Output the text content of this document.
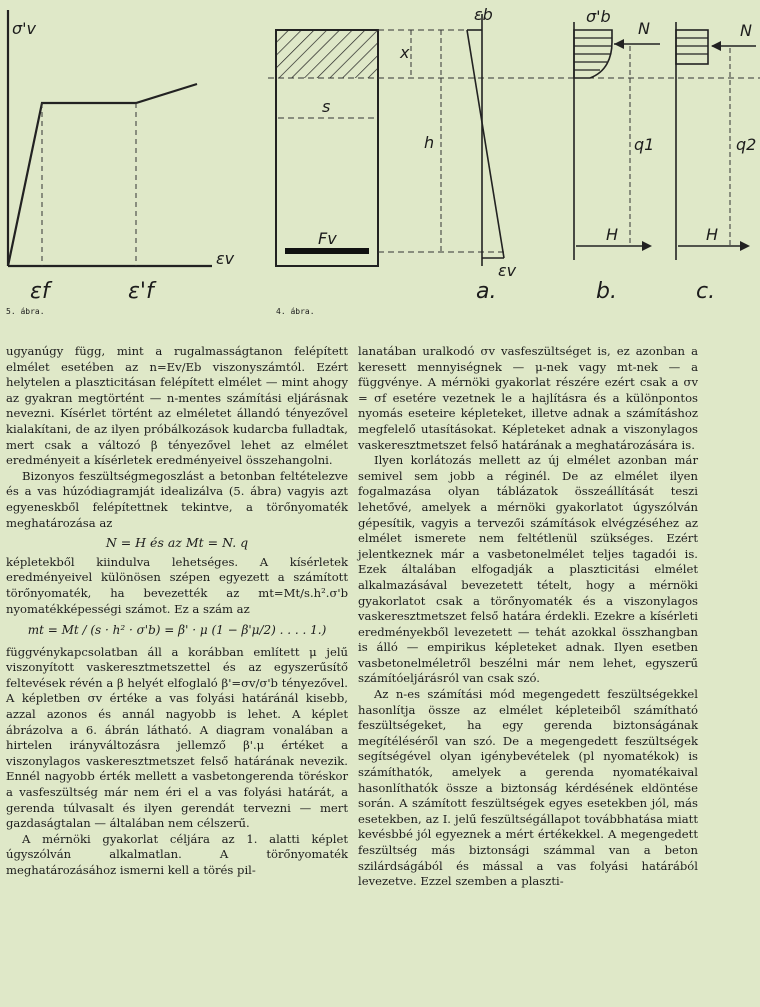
σ'v
εv
εf	ε'f
x
s
h
Fv
εb
εv
a.
σ'b
N
q1
H
b.
N
q2
H
c.
5. ábra.	4. ábra.

ugyanúgy függ, mint a rugalmasságtanon felépített elmélet esetében az n=Ev/Eb viszonyszámtól. Ezért helytelen a plaszticitásan felépített elmélet — mint ahogy az gyakran megtörtént — n-mentes számítási eljárásnak nevezni. Kísérlet történt az elméletet állandó tényezővel kialakítani, de az ilyen próbálkozások kudarcba fulladtak, mert csak a változó β tényezővel lehet az elmélet eredményeit a kísérletek eredményeivel összehangolni.

Bizonyos feszültségmegoszlást a betonban feltételezve és a vas húzódiagramját idealizálva (5. ábra) vagyis azt egyeneskből felépítettnek tekintve, a törőnyomaték meghatározása az

N = H és az Mt = N. q

képletekből kiindulva lehetséges. A kísérletek eredményeivel különösen szépen egyezett a számított törőnyomaték, ha bevezették az mt=Mt/s.h².σ'b nyomatékképességi számot. Ez a szám az

mt = Mt / (s · h² · σ'b) = β' · μ (1 − β'μ/2) . . . . 1.)

függvénykapcsolatban áll a korábban említett μ jelű viszonyított vaskeresztmetszettel és az egyszerűsítő feltevések révén a β helyét elfoglaló β'=σv/σ'b tényezővel. A képletben σv értéke a vas folyási határánál kisebb, azzal azonos és annál nagyobb is lehet. A képlet ábrázolva a 6. ábrán látható. A diagram vonalában a hirtelen irányváltozásra jellemző β'.μ értéket a viszonylagos vaskeresztmetszet felső határának nevezik. Ennél nagyobb érték mellett a vasbetongerenda töréskor a vasfeszültség már nem éri el a vas folyási határát, a gerenda túlvasalt és ilyen gerendát tervezni — mert gazdaságtalan — általában nem célszerű.

A mérnöki gyakorlat céljára az 1. alatti képlet úgyszólván alkalmatlan. A törőnyomaték meghatározásához ismerni kell a törés pil-

lanatában uralkodó σv vasfeszültséget is, ez azonban a keresett mennyiségnek — μ-nek vagy mt-nek — a függvénye. A mérnöki gyakorlat részére ezért csak a σv = σf esetére vezetnek le a hajlításra és a különpontos nyomás eseteire képleteket, illetve adnak a számításhoz megfelelő utasításokat. Képleteket adnak a viszonylagos vaskeresztmetszet felső határának a meghatározására is.

Ilyen korlátozás mellett az új elmélet azonban már semivel sem jobb a réginél. De az elmélet ilyen fogalmazása olyan táblázatok összeállítását teszi lehetővé, amelyek a mérnöki gyakorlatot úgyszólván gépesítik, vagyis a tervezői számítások elvégzéséhez az elmélet ismerete nem feltétlenül szükséges. Ezért jelentkeznek már a vasbetonelmélet teljes tagadói is. Ezek általában elfogadják a plaszticitási elmélet alkalmazásával bevezetett tételt, hogy a mérnöki gyakorlatot csak a törőnyomaték és a viszonylagos vaskeresztmetszet felső határa érdekli. Ezekre a kísérleti eredményekből levezetett — tehát azokkal összhangban is álló — empirikus képleteket adnak. Ilyen esetben vasbetonelméletről beszélni már nem lehet, egyszerű számítóeljárásról van csak szó.

Az n-es számítási mód megengedett feszültségekkel hasonlítja össze az elmélet képleteiből számítható feszültségeket, ha egy gerenda biztonságának megítéléséről van szó. De a megengedett feszültségek segítségével olyan igénybevételek (pl nyomatékok) is számíthatók, amelyek a gerenda nyomatékaival hasonlíthatók össze a biztonság kérdésének eldöntése során. A számított feszültségek egyes esetekben jól, más esetekben, az I. jelű feszültségállapot továbbhatása miatt kevésbbé jól egyeznek a mért értékekkel. A megengedett feszültség más biztonsági számmal van a beton szilárdságából és mással a vas folyási határából levezetve. Ezzel szemben a plaszti-
